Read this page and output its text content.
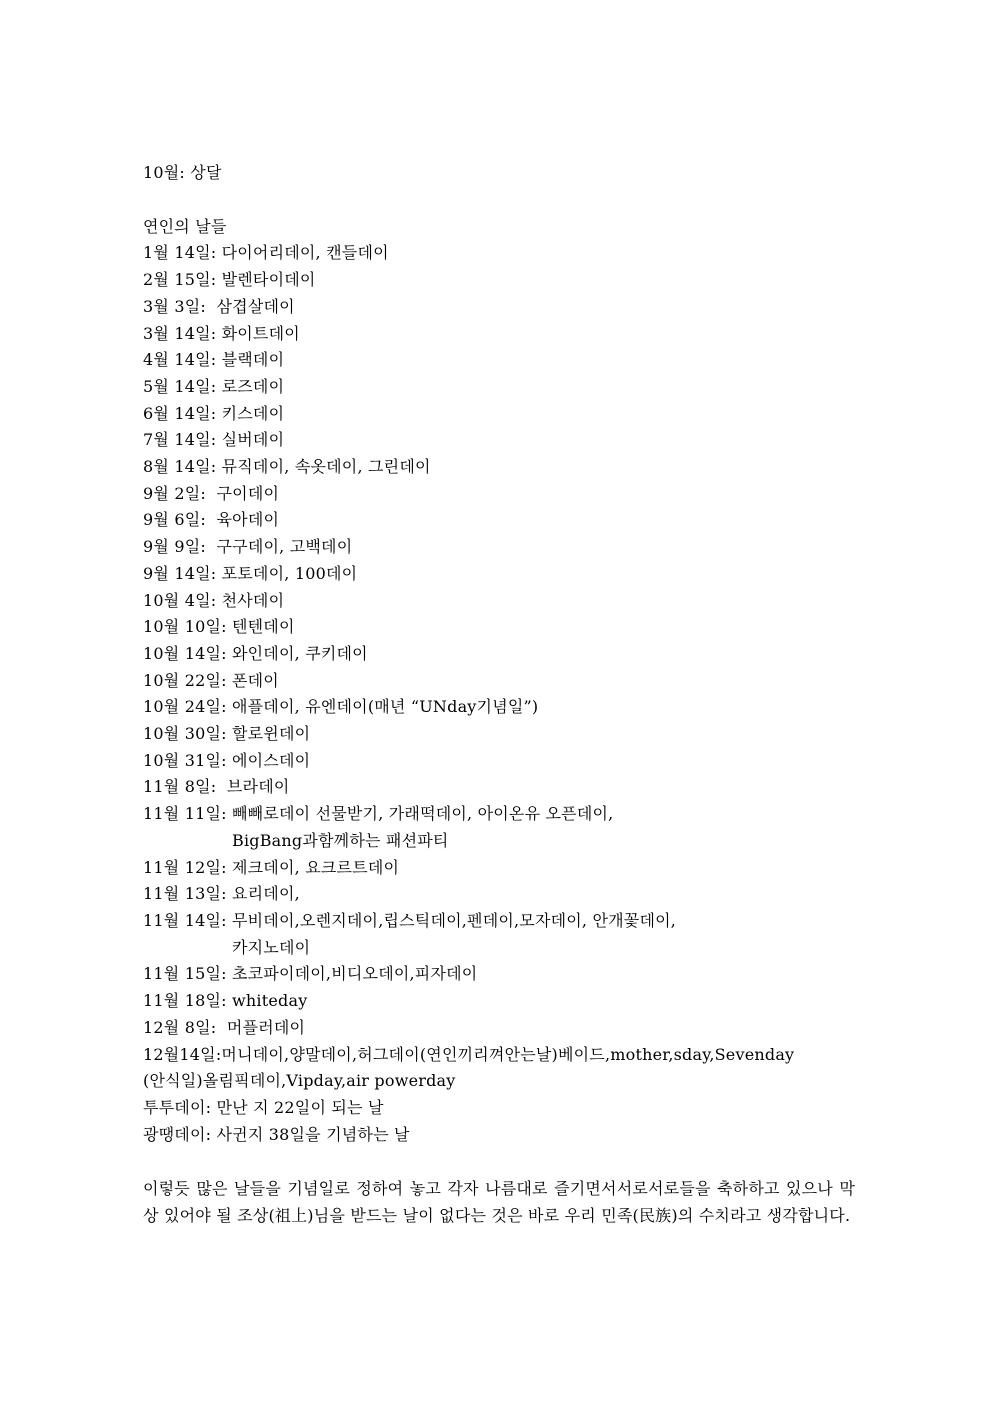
10월: 상달
연인의 날들
1월 14일: 다이어리데이, 캔들데이
2월 15일: 발렌타이데이
3월 3일: 삼겹살데이
3월 14일: 화이트데이
4월 14일: 블랙데이
5월 14일: 로즈데이
6월 14일: 키스데이
7월 14일: 실버데이
8월 14일: 뮤직데이, 속옷데이, 그린데이
9월 2일: 구이데이
9월 6일: 육아데이
9월 9일: 구구데이, 고백데이
9월 14일: 포토데이, 100데이
10월 4일: 천사데이
10월 10일: 텐텐데이
10월 14일: 와인데이, 쿠키데이
10월 22일: 폰데이
10월 24일: 애플데이, 유엔데이(매년 “UNday기념일”)
10월 30일: 할로윈데이
10월 31일: 에이스데이
11월 8일: 브라데이
11월 11일: 빼빼로데이 선물받기, 가래떡데이, 아이온유 오픈데이, BigBang과함께하는 패션파티
11월 12일: 제크데이, 요크르트데이
11월 13일: 요리데이,
11월 14일: 무비데이,오렌지데이,립스틱데이,펜데이,모자데이, 안개꽃데이, 카지노데이
11월 15일: 초코파이데이,비디오데이,피자데이
11월 18일: whiteday
12월 8일: 머플러데이
12월14일:머니데이,양말데이,허그데이(연인끼리껴안는날)베이드,mother,sday,Sevenday
(안식일)올림픽데이,Vipday,air powerday
투투데이: 만난 지 22일이 되는 날
광땡데이: 사귄지 38일을 기념하는 날
이렇듯 많은 날들을 기념일로 정하여 놓고 각자 나름대로 즐기면서서로서로들을 축하하고 있으나 막상 있어야 될 조상(祖上)님을 받드는 날이 없다는 것은 바로 우리 민족(民族)의 수치라고 생각합니다.
